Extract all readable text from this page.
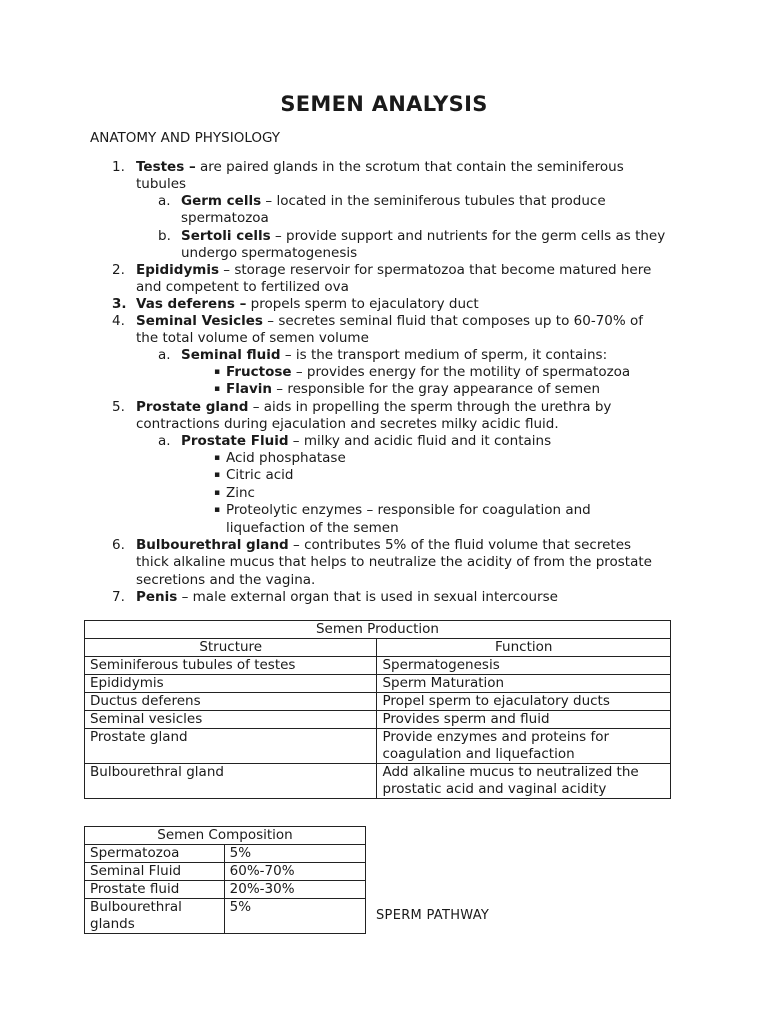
SEMEN ANALYSIS
ANATOMY AND PHYSIOLOGY
1. Testes – are paired glands in the scrotum that contain the seminiferous
tubules
a. Germ cells – located in the seminiferous tubules that produce
spermatozoa
b. Sertoli cells – provide support and nutrients for the germ cells as they
undergo spermatogenesis
2. Epididymis – storage reservoir for spermatozoa that become matured here
and competent to fertilized ova
3. Vas deferens – propels sperm to ejaculatory duct
4. Seminal Vesicles – secretes seminal fluid that composes up to 60-70% of
the total volume of semen volume
a. Seminal fluid – is the transport medium of sperm, it contains:
▪ Fructose – provides energy for the motility of spermatozoa
▪ Flavin – responsible for the gray appearance of semen
5. Prostate gland – aids in propelling the sperm through the urethra by
contractions during ejaculation and secretes milky acidic fluid.
a. Prostate Fluid – milky and acidic fluid and it contains
▪ Acid phosphatase
▪ Citric acid
▪ Zinc
▪ Proteolytic enzymes – responsible for coagulation and
liquefaction of the semen
6. Bulbourethral gland – contributes 5% of the fluid volume that secretes
thick alkaline mucus that helps to neutralize the acidity of from the prostate
secretions and the vagina.
7. Penis – male external organ that is used in sexual intercourse
Semen Production	
Structure	Function
Seminiferous tubules of testes	Spermatogenesis
Epididymis	Sperm Maturation
Ductus deferens	Propel sperm to ejaculatory ducts
Seminal vesicles	Provides sperm and fluid
Prostate gland	Provide enzymes and proteins for
coagulation and liquefaction
Bulbourethral gland	Add alkaline mucus to neutralized the
prostatic acid and vaginal acidity
Semen Composition	
Spermatozoa	5%
Seminal Fluid	60%-70%
Prostate fluid	20%-30%
Bulbourethral
glands	5%
SPERM PATHWAY
